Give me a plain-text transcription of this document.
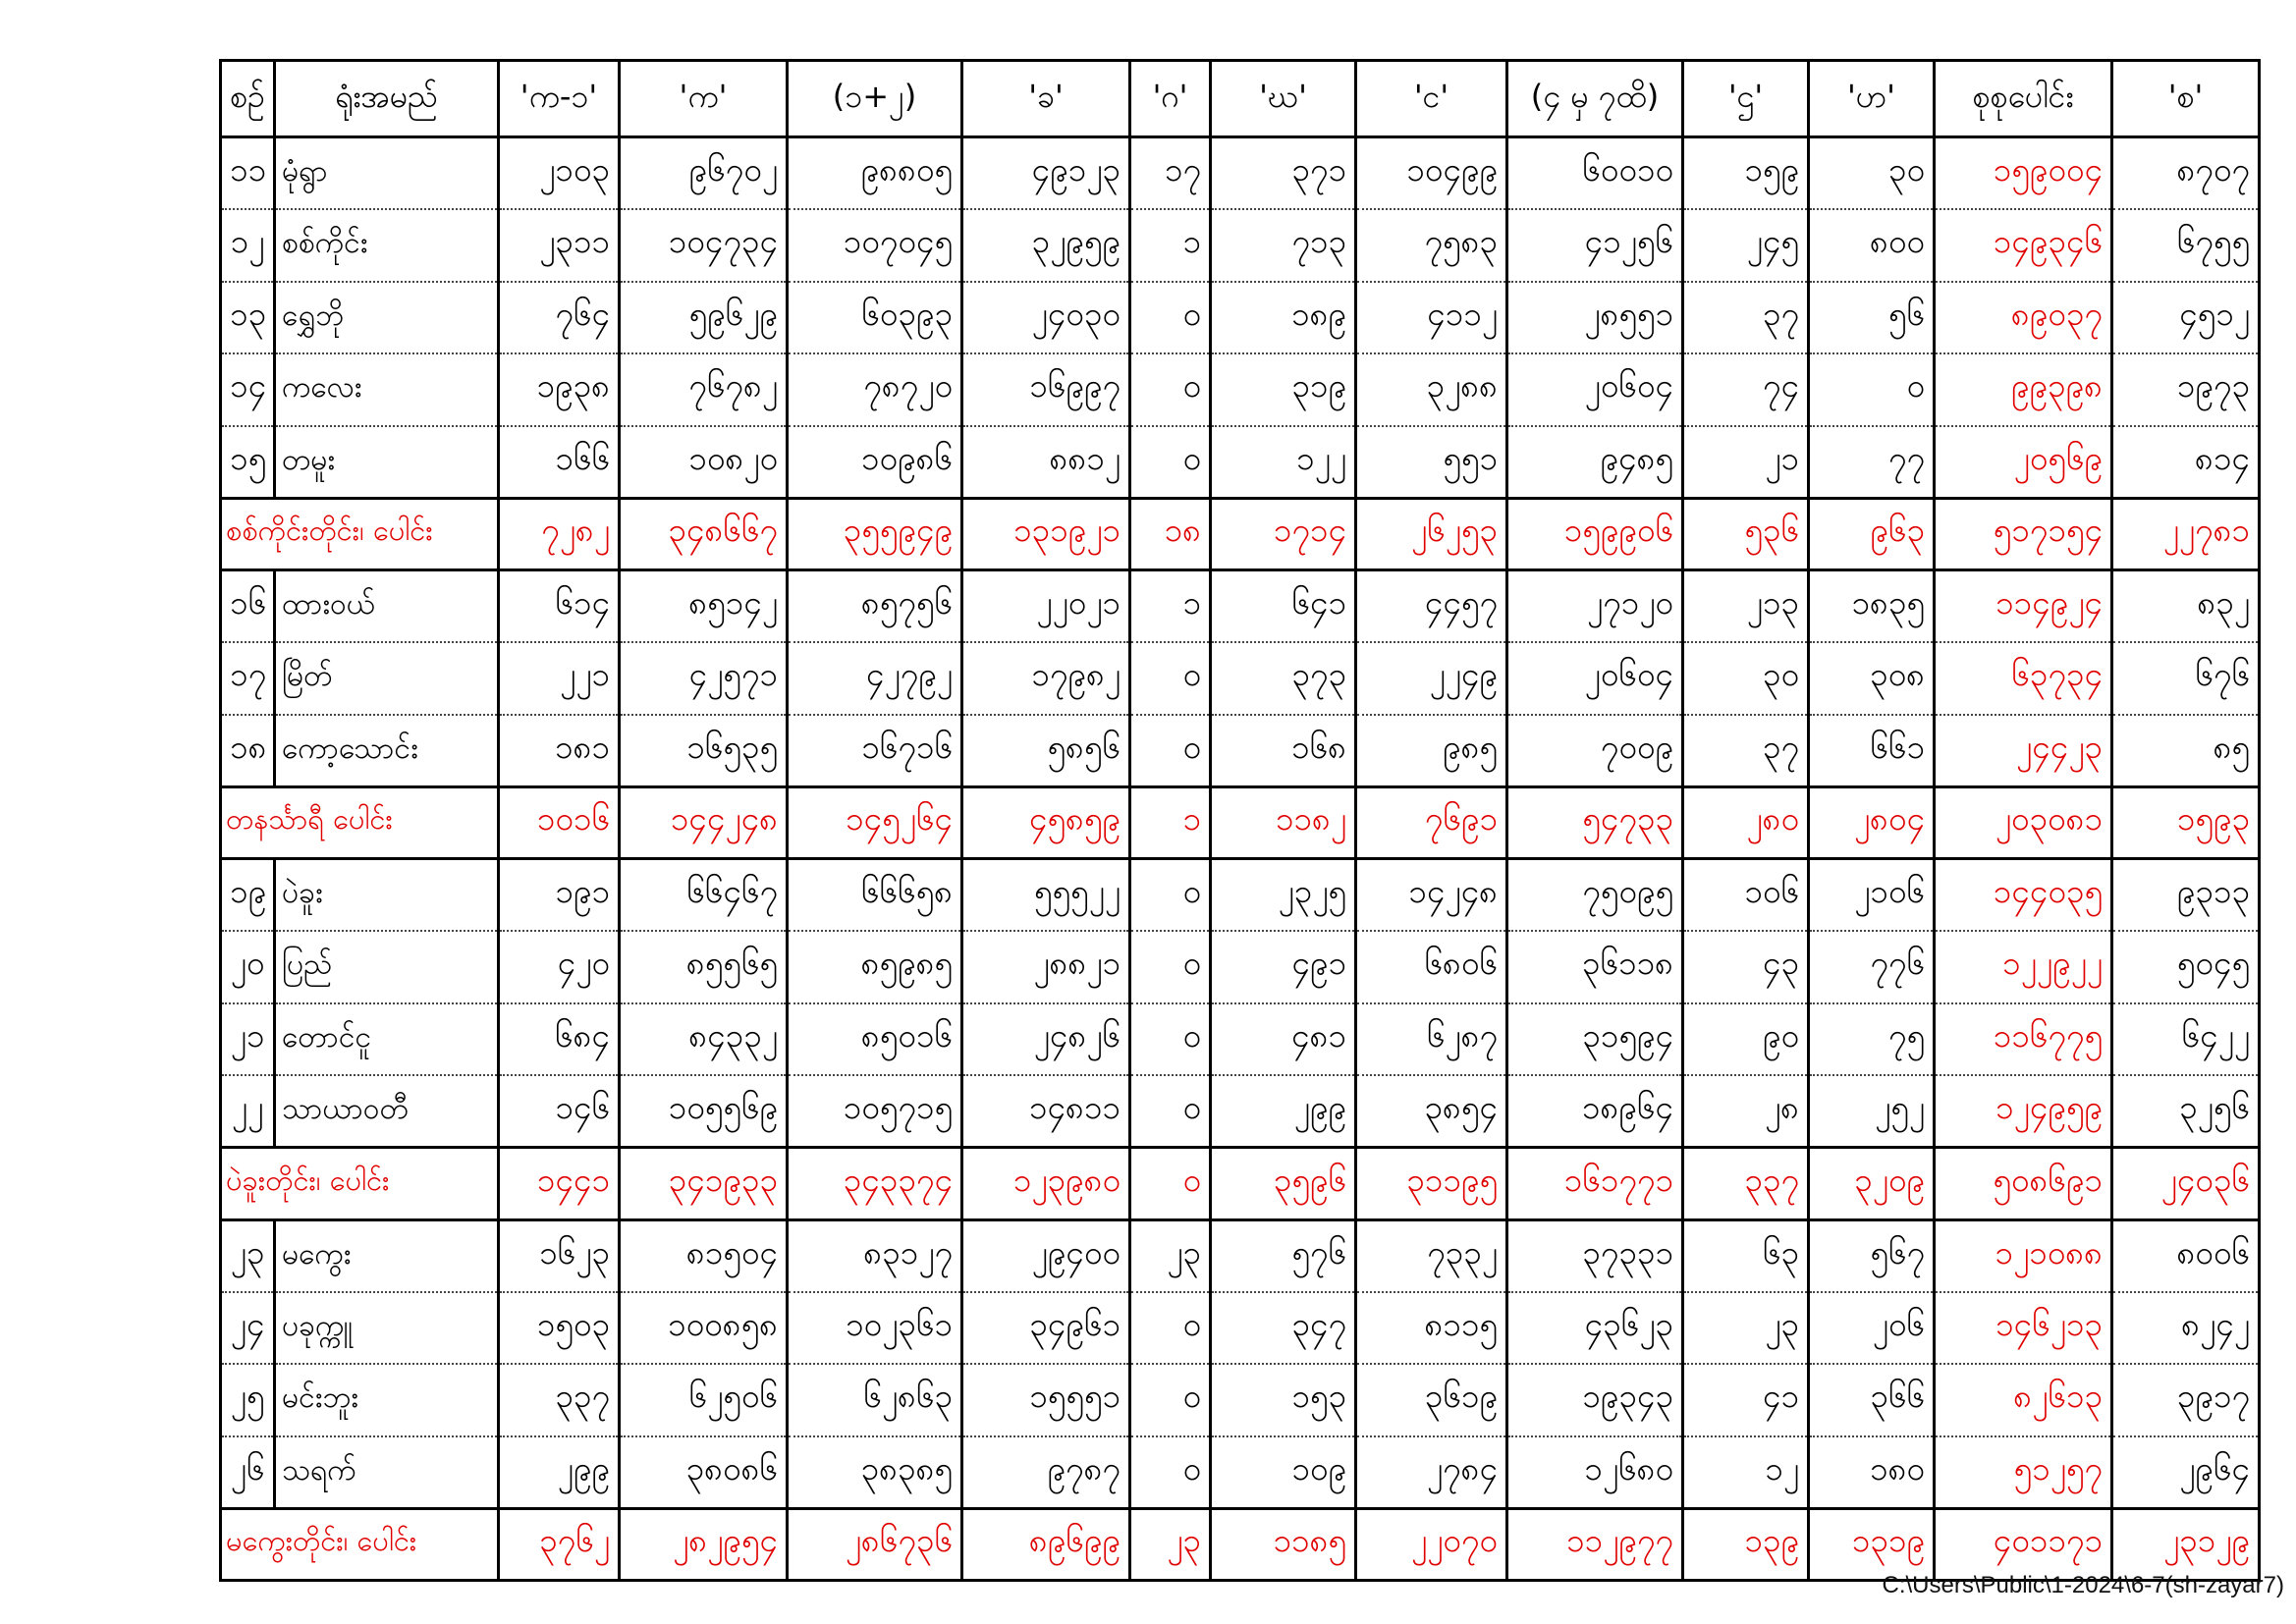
စဉ်	ရုံးအမည်	'က-၁'	'က'	(၁+၂)	'ခ'	'ဂ'	'ဃ'	'င'	(၄ မှ ၇ထိ)	'ဌ'	'ဟ'	စုစုပေါင်း	'စ'
၁၁	မုံရွာ	၂၁၀၃	၉၆၇၀၂	၉၈၈၀၅	၄၉၁၂၃	၁၇	၃၇၁	၁၀၄၉၉	၆၀၀၁၀	၁၅၉	၃၀	၁၅၉၀၀၄	၈၇၀၇
၁၂	စစ်ကိုင်း	၂၃၁၁	၁၀၄၇၃၄	၁၀၇၀၄၅	၃၂၉၅၉	၁	၇၁၃	၇၅၈၃	၄၁၂၅၆	၂၄၅	၈၀၀	၁၄၉၃၄၆	၆၇၅၅
၁၃	ရွှေဘို	၇၆၄	၅၉၆၂၉	၆၀၃၉၃	၂၄၀၃၀	၀	၁၈၉	၄၁၁၂	၂၈၅၅၁	၃၇	၅၆	၈၉၀၃၇	၄၅၁၂
၁၄	ကလေး	၁၉၃၈	၇၆၇၈၂	၇၈၇၂၀	၁၆၉၉၇	၀	၃၁၉	၃၂၈၈	၂၀၆၀၄	၇၄	၀	၉၉၃၉၈	၁၉၇၃
၁၅	တမူး	၁၆၆	၁၀၈၂၀	၁၀၉၈၆	၈၈၁၂	၀	၁၂၂	၅၅၁	၉၄၈၅	၂၁	၇၇	၂၀၅၆၉	၈၁၄
စစ်ကိုင်းတိုင်း၊ ပေါင်း		၇၂၈၂	၃၄၈၆၆၇	၃၅၅၉၄၉	၁၃၁၉၂၁	၁၈	၁၇၁၄	၂၆၂၅၃	၁၅၉၉၀၆	၅၃၆	၉၆၃	၅၁၇၁၅၄	၂၂၇၈၁
၁၆	ထားဝယ်	၆၁၄	၈၅၁၄၂	၈၅၇၅၆	၂၂၀၂၁	၁	၆၄၁	၄၄၅၇	၂၇၁၂၀	၂၁၃	၁၈၃၅	၁၁၄၉၂၄	၈၃၂
၁၇	မြိတ်	၂၂၁	၄၂၅၇၁	၄၂၇၉၂	၁၇၉၈၂	၀	၃၇၃	၂၂၄၉	၂၀၆၀၄	၃၀	၃၀၈	၆၃၇၃၄	၆၇၆
၁၈	ကော့သောင်း	၁၈၁	၁၆၅၃၅	၁၆၇၁၆	၅၈၅၆	၀	၁၆၈	၉၈၅	၇၀၀၉	၃၇	၆၆၁	၂၄၄၂၃	၈၅
တနင်္သာရီ ပေါင်း		၁၀၁၆	၁၄၄၂၄၈	၁၄၅၂၆၄	၄၅၈၅၉	၁	၁၁၈၂	၇၆၉၁	၅၄၇၃၃	၂၈၀	၂၈၀၄	၂၀၃၀၈၁	၁၅၉၃
၁၉	ပဲခူး	၁၉၁	၆၆၄၆၇	၆၆၆၅၈	၅၅၅၂၂	၀	၂၃၂၅	၁၄၂၄၈	၇၅၀၉၅	၁၀၆	၂၁၀၆	၁၄၄၀၃၅	၉၃၁၃
၂၀	ပြည်	၄၂၀	၈၅၅၆၅	၈၅၉၈၅	၂၈၈၂၁	၀	၄၉၁	၆၈၀၆	၃၆၁၁၈	၄၃	၇၇၆	၁၂၂၉၂၂	၅၀၄၅
၂၁	တောင်ငူ	၆၈၄	၈၄၃၃၂	၈၅၀၁၆	၂၄၈၂၆	၀	၄၈၁	၆၂၈၇	၃၁၅၉၄	၉၀	၇၅	၁၁၆၇၇၅	၆၄၂၂
၂၂	သာယာဝတီ	၁၄၆	၁၀၅၅၆၉	၁၀၅၇၁၅	၁၄၈၁၁	၀	၂၉၉	၃၈၅၄	၁၈၉၆၄	၂၈	၂၅၂	၁၂၄၉၅၉	၃၂၅၆
ပဲခူးတိုင်း၊ ပေါင်း		၁၄၄၁	၃၄၁၉၃၃	၃၄၃၃၇၄	၁၂၃၉၈၀	၀	၃၅၉၆	၃၁၁၉၅	၁၆၁၇၇၁	၃၃၇	၃၂၀၉	၅၀၈၆၉၁	၂၄၀၃၆
၂၃	မကွေး	၁၆၂၃	၈၁၅၀၄	၈၃၁၂၇	၂၉၄၀၀	၂၃	၅၇၆	၇၃၃၂	၃၇၃၃၁	၆၃	၅၆၇	၁၂၁၀၈၈	၈၀၀၆
၂၄	ပခုက္ကူ	၁၅၀၃	၁၀၀၈၅၈	၁၀၂၃၆၁	၃၄၉၆၁	၀	၃၄၇	၈၁၁၅	၄၃၆၂၃	၂၃	၂၀၆	၁၄၆၂၁၃	၈၂၄၂
၂၅	မင်းဘူး	၃၃၇	၆၂၅၀၆	၆၂၈၆၃	၁၅၅၅၁	၀	၁၅၃	၃၆၁၉	၁၉၃၄၃	၄၁	၃၆၆	၈၂၆၁၃	၃၉၁၇
၂၆	သရက်	၂၉၉	၃၈၀၈၆	၃၈၃၈၅	၉၇၈၇	၀	၁၀၉	၂၇၈၄	၁၂၆၈၀	၁၂	၁၈၀	၅၁၂၅၇	၂၉၆၄
မကွေးတိုင်း၊ ပေါင်း		၃၇၆၂	၂၈၂၉၅၄	၂၈၆၇၃၆	၈၉၆၉၉	၂၃	၁၁၈၅	၂၂၀၇၀	၁၁၂၉၇၇	၁၃၉	၁၃၁၉	၄၀၁၁၇၁	၂၃၁၂၉
C:\Users\Public\1-2024\6-7(sh-zayar7)
